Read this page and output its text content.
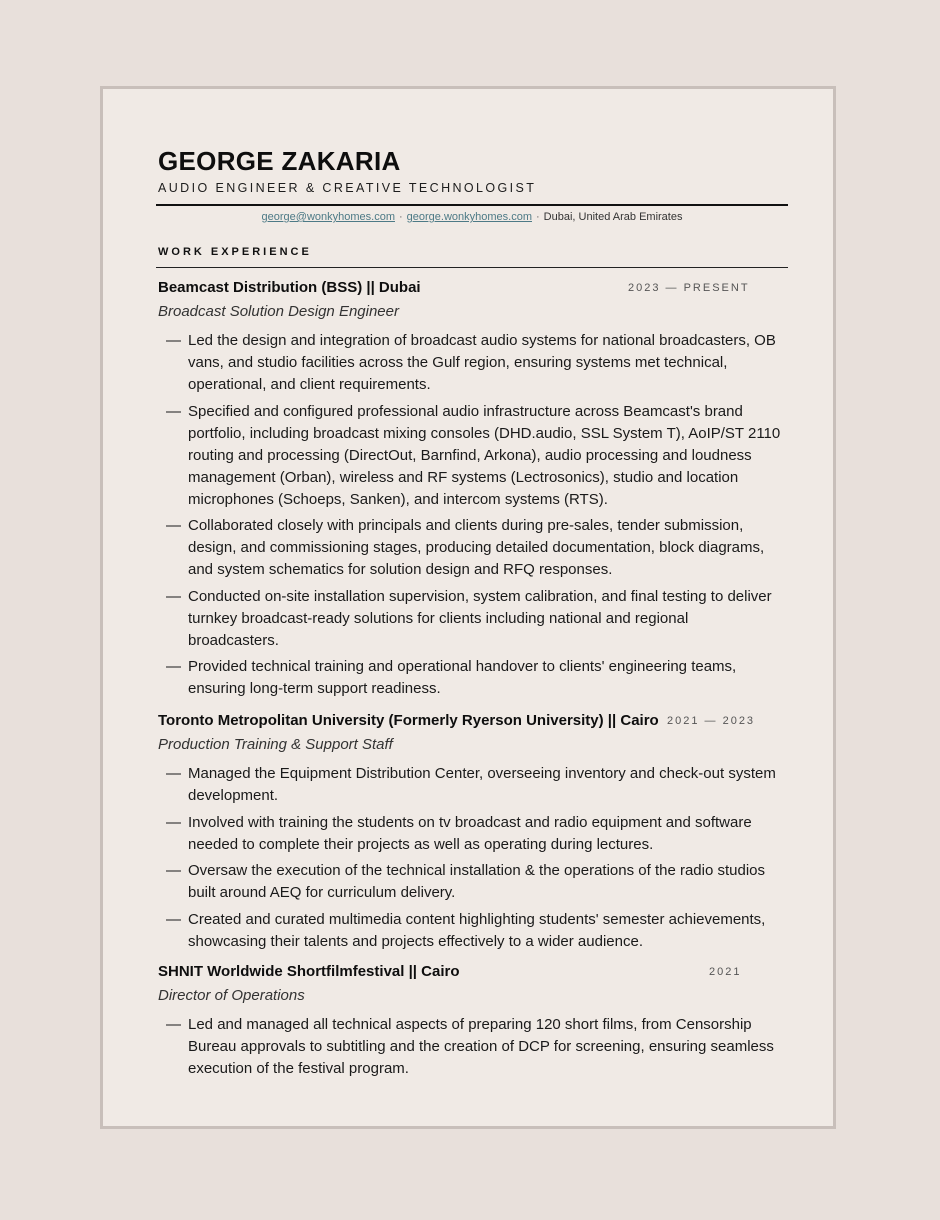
GEORGE ZAKARIA
AUDIO ENGINEER & CREATIVE TECHNOLOGIST
george@wonkyhomes.com · george.wonkyhomes.com · Dubai, United Arab Emirates
WORK EXPERIENCE
Beamcast Distribution (BSS) || Dubai	2023 — PRESENT
Broadcast Solution Design Engineer
— Led the design and integration of broadcast audio systems for national broadcasters, OB vans, and studio facilities across the Gulf region, ensuring systems met technical, operational, and client requirements.
— Specified and configured professional audio infrastructure across Beamcast's brand portfolio, including broadcast mixing consoles (DHD.audio, SSL System T), AoIP/ST 2110 routing and processing (DirectOut, Barnfind, Arkona), audio processing and loudness management (Orban), wireless and RF systems (Lectrosonics), studio and location microphones (Schoeps, Sanken), and intercom systems (RTS).
— Collaborated closely with principals and clients during pre-sales, tender submission, design, and commissioning stages, producing detailed documentation, block diagrams, and system schematics for solution design and RFQ responses.
— Conducted on-site installation supervision, system calibration, and final testing to deliver turnkey broadcast-ready solutions for clients including national and regional broadcasters.
— Provided technical training and operational handover to clients' engineering teams, ensuring long-term support readiness.
Toronto Metropolitan University (Formerly Ryerson University) || Cairo 2021 — 2023
Production Training & Support Staff
— Managed the Equipment Distribution Center, overseeing inventory and check-out system development.
— Involved with training the students on tv broadcast and radio equipment and software needed to complete their projects as well as operating during lectures.
— Oversaw the execution of the technical installation & the operations of the radio studios built around AEQ for curriculum delivery.
— Created and curated multimedia content highlighting students' semester achievements, showcasing their talents and projects effectively to a wider audience.
SHNIT Worldwide Shortfilmfestival || Cairo	2021
Director of Operations
— Led and managed all technical aspects of preparing 120 short films, from Censorship Bureau approvals to subtitling and the creation of DCP for screening, ensuring seamless execution of the festival program.
